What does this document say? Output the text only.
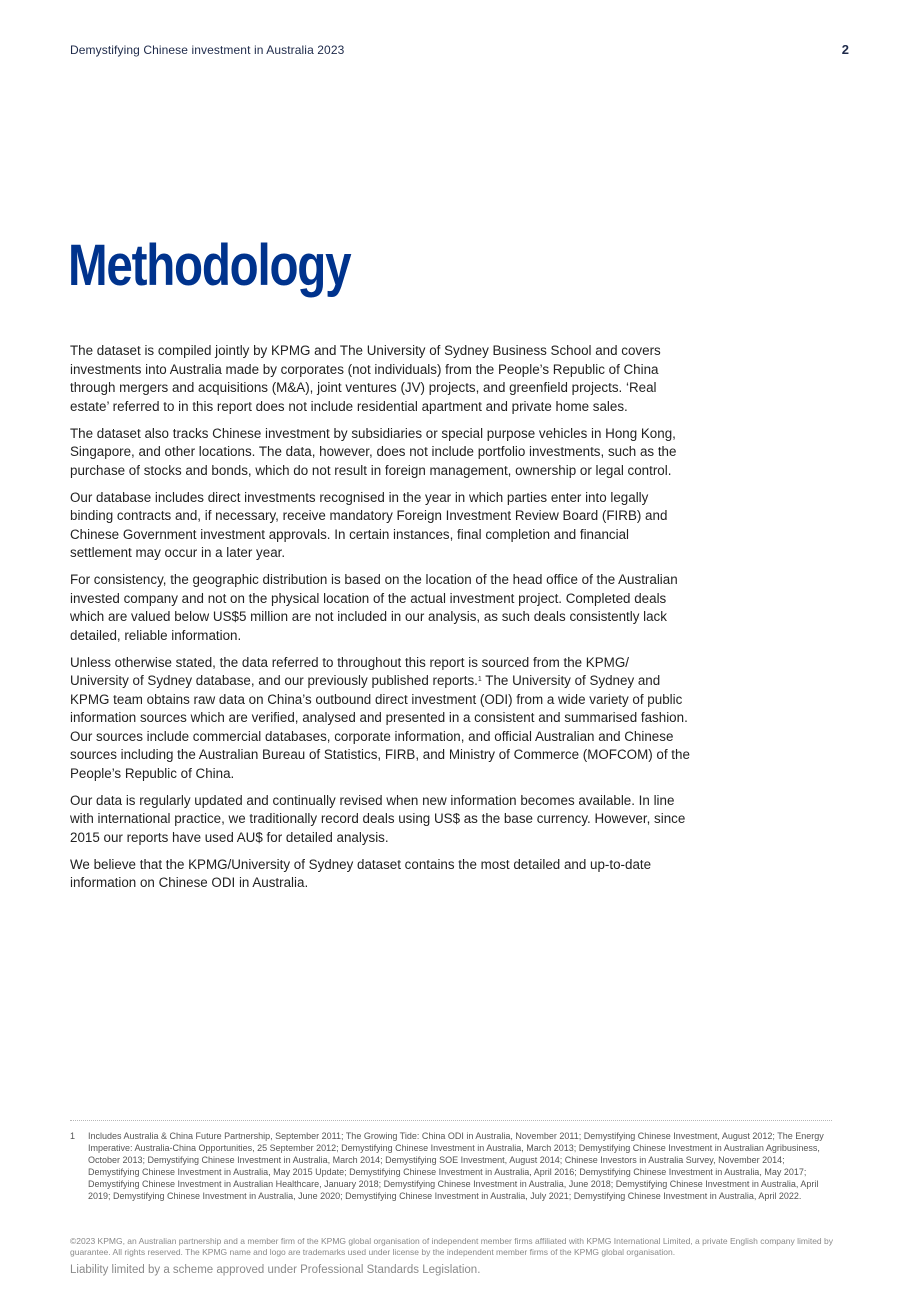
Demystifying Chinese investment in Australia 2023	2
Methodology

The dataset is compiled jointly by KPMG and The University of Sydney Business School and covers investments into Australia made by corporates (not individuals) from the People’s Republic of China through mergers and acquisitions (M&A), joint ventures (JV) projects, and greenfield projects. ‘Real estate’ referred to in this report does not include residential apartment and private home sales.

The dataset also tracks Chinese investment by subsidiaries or special purpose vehicles in Hong Kong, Singapore, and other locations. The data, however, does not include portfolio investments, such as the purchase of stocks and bonds, which do not result in foreign management, ownership or legal control.

Our database includes direct investments recognised in the year in which parties enter into legally binding contracts and, if necessary, receive mandatory Foreign Investment Review Board (FIRB) and Chinese Government investment approvals. In certain instances, final completion and financial settlement may occur in a later year.

For consistency, the geographic distribution is based on the location of the head office of the Australian invested company and not on the physical location of the actual investment project. Completed deals which are valued below US$5 million are not included in our analysis, as such deals consistently lack detailed, reliable information.

Unless otherwise stated, the data referred to throughout this report is sourced from the KPMG/ University of Sydney database, and our previously published reports.$^1$ The University of Sydney and KPMG team obtains raw data on China’s outbound direct investment (ODI) from a wide variety of public information sources which are verified, analysed and presented in a consistent and summarised fashion. Our sources include commercial databases, corporate information, and official Australian and Chinese sources including the Australian Bureau of Statistics, FIRB, and Ministry of Commerce (MOFCOM) of the People’s Republic of China.

Our data is regularly updated and continually revised when new information becomes available. In line with international practice, we traditionally record deals using US$ as the base currency. However, since 2015 our reports have used AU$ for detailed analysis.

We believe that the KPMG/University of Sydney dataset contains the most detailed and up-to-date information on Chinese ODI in Australia.

1	Includes Australia & China Future Partnership, September 2011; The Growing Tide: China ODI in Australia, November 2011; Demystifying Chinese Investment, August 2012; The Energy Imperative: Australia-China Opportunities, 25 September 2012; Demystifying Chinese Investment in Australia, March 2013; Demystifying Chinese Investment in Australian Agribusiness, October 2013; Demystifying Chinese Investment in Australia, March 2014; Demystifying SOE Investment, August 2014; Chinese Investors in Australia Survey, November 2014; Demystifying Chinese Investment in Australia, May 2015 Update; Demystifying Chinese Investment in Australia, April 2016; Demystifying Chinese Investment in Australia, May 2017; Demystifying Chinese Investment in Australian Healthcare, January 2018; Demystifying Chinese Investment in Australia, June 2018; Demystifying Chinese Investment in Australia, April 2019; Demystifying Chinese Investment in Australia, June 2020; Demystifying Chinese Investment in Australia, July 2021; Demystifying Chinese Investment in Australia, April 2022.
©2023 KPMG, an Australian partnership and a member firm of the KPMG global organisation of independent member firms affiliated with KPMG International Limited, a private English company limited by guarantee. All rights reserved. The KPMG name and logo are trademarks used under license by the independent member firms of the KPMG global organisation.
Liability limited by a scheme approved under Professional Standards Legislation.
